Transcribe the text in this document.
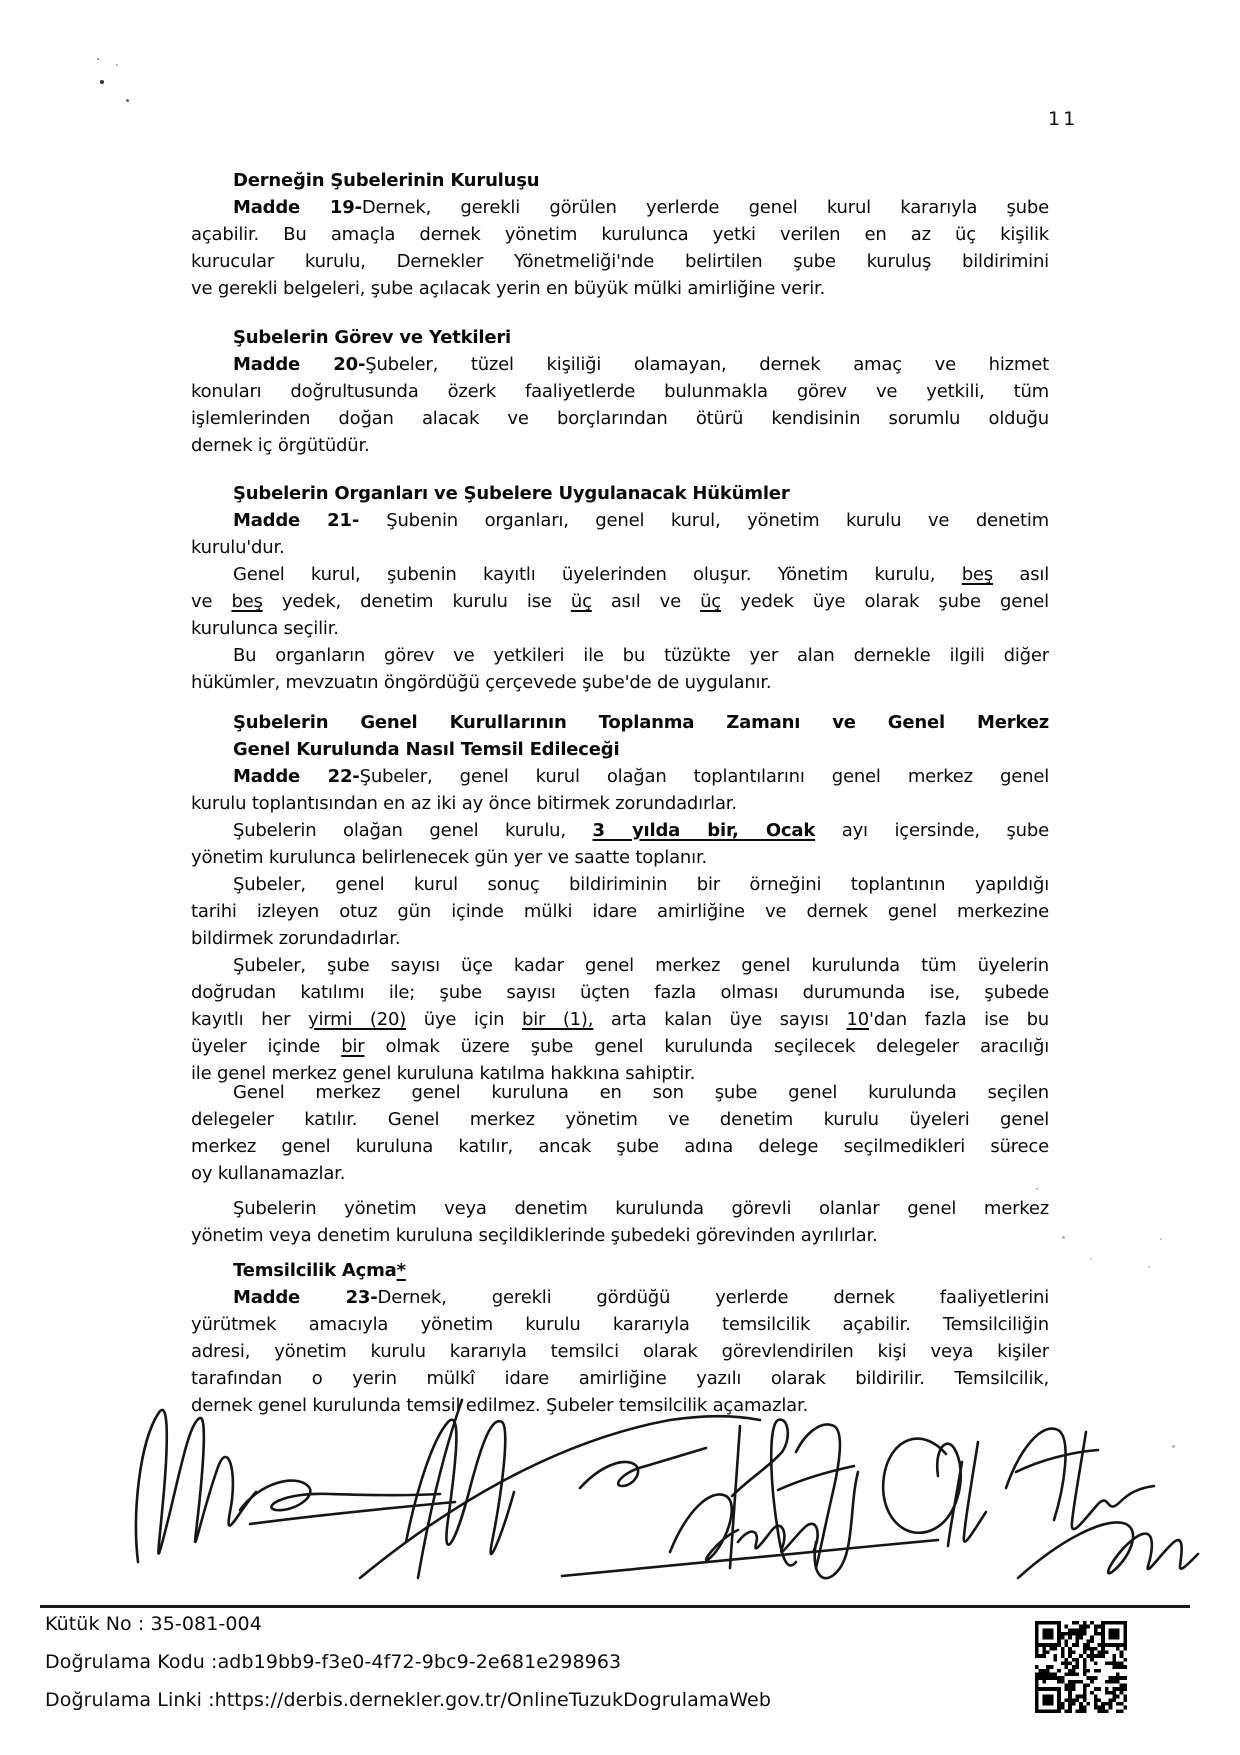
11
Derneğin Şubelerinin Kuruluşu
Madde 19-Dernek, gerekli görülen yerlerde genel kurul kararıyla şube
açabilir. Bu amaçla dernek yönetim kurulunca yetki verilen en az üç kişilik
kurucular kurulu, Dernekler Yönetmeliği'nde belirtilen şube kuruluş bildirimini
ve gerekli belgeleri, şube açılacak yerin en büyük mülki amirliğine verir.
Şubelerin Görev ve Yetkileri
Madde 20-Şubeler, tüzel kişiliği olamayan, dernek amaç ve hizmet
konuları doğrultusunda özerk faaliyetlerde bulunmakla görev ve yetkili, tüm
işlemlerinden doğan alacak ve borçlarından ötürü kendisinin sorumlu olduğu
dernek iç örgütüdür.
Şubelerin Organları ve Şubelere Uygulanacak Hükümler
Madde 21- Şubenin organları, genel kurul, yönetim kurulu ve denetim
kurulu'dur.
Genel kurul, şubenin kayıtlı üyelerinden oluşur. Yönetim kurulu, beş asıl
ve beş yedek, denetim kurulu ise üç asıl ve üç yedek üye olarak şube genel
kurulunca seçilir.
Bu organların görev ve yetkileri ile bu tüzükte yer alan dernekle ilgili diğer
hükümler, mevzuatın öngördüğü çerçevede şube'de de uygulanır.
Şubelerin Genel Kurullarının Toplanma Zamanı ve Genel Merkez
Genel Kurulunda Nasıl Temsil Edileceği
Madde 22-Şubeler, genel kurul olağan toplantılarını genel merkez genel
kurulu toplantısından en az iki ay önce bitirmek zorundadırlar.
Şubelerin olağan genel kurulu, 3 yılda bir, Ocak ayı içersinde, şube
yönetim kurulunca belirlenecek gün yer ve saatte toplanır.
Şubeler, genel kurul sonuç bildiriminin bir örneğini toplantının yapıldığı
tarihi izleyen otuz gün içinde mülki idare amirliğine ve dernek genel merkezine
bildirmek zorundadırlar.
Şubeler, şube sayısı üçe kadar genel merkez genel kurulunda tüm üyelerin
doğrudan katılımı ile; şube sayısı üçten fazla olması durumunda ise, şubede
kayıtlı her yirmi (20) üye için bir (1), arta kalan üye sayısı 10'dan fazla ise bu
üyeler içinde bir olmak üzere şube genel kurulunda seçilecek delegeler aracılığı
ile genel merkez genel kuruluna katılma hakkına sahiptir.
Genel merkez genel kuruluna en son şube genel kurulunda seçilen
delegeler katılır. Genel merkez yönetim ve denetim kurulu üyeleri genel
merkez genel kuruluna katılır, ancak şube adına delege seçilmedikleri sürece
oy kullanamazlar.
Şubelerin yönetim veya denetim kurulunda görevli olanlar genel merkez
yönetim veya denetim kuruluna seçildiklerinde şubedeki görevinden ayrılırlar.
Temsilcilik Açma*
Madde 23-Dernek, gerekli gördüğü yerlerde dernek faaliyetlerini
yürütmek amacıyla yönetim kurulu kararıyla temsilcilik açabilir. Temsilciliğin
adresi, yönetim kurulu kararıyla temsilci olarak görevlendirilen kişi veya kişiler
tarafından o yerin mülkî idare amirliğine yazılı olarak bildirilir. Temsilcilik,
dernek genel kurulunda temsil edilmez. Şubeler temsilcilik açamazlar.
Kütük No : 35-081-004
Doğrulama Kodu :adb19bb9-f3e0-4f72-9bc9-2e681e298963
Doğrulama Linki :https://derbis.dernekler.gov.tr/OnlineTuzukDogrulamaWeb
